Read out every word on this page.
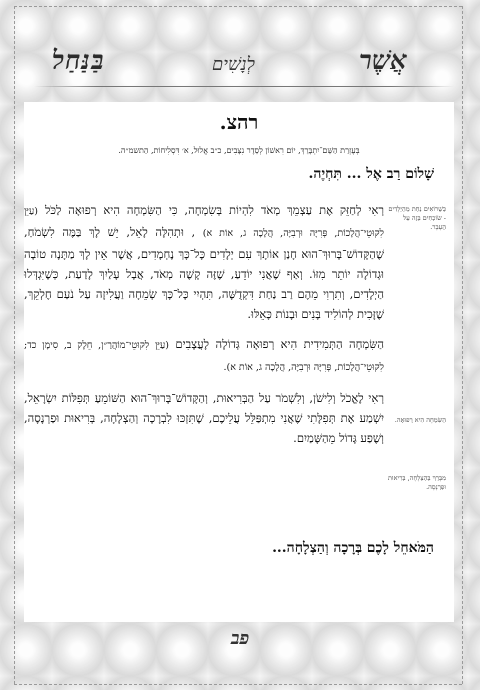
אֲשֶׁר
לְנָשִׁים
בַּנַּחַל
רהצ.
בְּעֶזְרַת הַשֵּׁם־יִתְבָּרֵךְ, יוֹם רִאשׁוֹן לְסֵדֶר נִצָּבִים, כ״ב אֱלוּל, א׳ דִּסְלִיחוֹת, הַתשמ״ה.
שָׁלוֹם רַב אֶל ... תִּחְיֶה.

רְאִי לְחַזֵּק אֶת עַצְמֵךְ מְאֹד לִהְיוֹת בְּשִׂמְחָה, כִּי הַשִּׂמְחָה הִיא רְפוּאָה לַכֹּל (עַיֵּן לִקּוּטֵי־הֲלָכוֹת, פְּרִיָּה וּרְבִיָּה, הֲלָכָה ג, אוֹת א) , וּתְהִלָּה לָאֵל, יֵשׁ לָךְ בַּמֶּה לִשְׂמֹחַ, שֶׁהַקָּדוֹשׁ־בָּרוּךְ־הוּא חָנַן אוֹתָךְ עִם יְלָדִים כָּל־כָּךְ נֶחְמָדִים, אֲשֶׁר אֵין לָךְ מַתָּנָה טוֹבָה וּגְדוֹלָה יוֹתֵר מִזּוֹ. וְאַף שֶׁאֲנִי יוֹדֵעַ, שֶׁזֶּה קָשֶׁה מְאֹד, אֲבָל עָלַיִךְ לָדַעַת, כְּשֶׁיִּגְדְּלוּ הַיְלָדִים, וְתִרְוִי מֵהֶם רַב נַחַת דִּקְדֻשָּׁה, תִּהְיִי כָּל־כָּךְ שְׂמֵחָה וַעֲלִיזָה עַל נֹעַם חֶלְקֵךְ, שֶׁזָּכִית לְהוֹלִיד בָּנִים וּבָנוֹת כָּאֵלּוּ.

הַשִּׂמְחָה הַתְּמִידִית הִיא רְפוּאָה גְּדוֹלָה לָעֲצָבִים (עַיֵּן לִקּוּטֵי־מוֹהֲרַ״ן, חֵלֶק ב, סִימָן כד; לִקּוּטֵי־הֲלָכוֹת, פְּרִיָּה וּרְבִיָּה, הֲלָכָה ג, אוֹת א).

רְאִי לֶאֱכֹל וְלִישֹׁן, וְלִשְׁמֹר עַל הַבְּרִיאוּת, וְהַקָּדוֹשׁ־בָּרוּךְ־הוּא הַשּׁוֹמֵעַ תְּפִלּוֹת יִשְׂרָאֵל, יִשְׁמַע אֶת תְּפִלָּתִי שֶׁאֲנִי מִתְפַּלֵּל עֲלֵיכֶם, שֶׁתִּזְכּוּ לִבְרָכָה וְהַצְלָחָה, בְּרִיאוּת וּפַרְנָסָה, וְשֶׁפַע גָּדוֹל מֵהַשָּׁמַיִם.

כְּשֶׁרוֹאִים נַחַת מֵהַיְּלָדִים - שׂוֹכְחִים בְּזֶה עַל הֶעָבָר.
הַשִּׂמְחָה הִיא רְפוּאָה.
מִבָּרֵךְ בְּהַצְלָחָה, בְּרִיאוּת וּפַרְנָסָה.
הַמֹּאחֵל לָכֶם בְּרָכָה וְהַצְלָחָה...
פב
